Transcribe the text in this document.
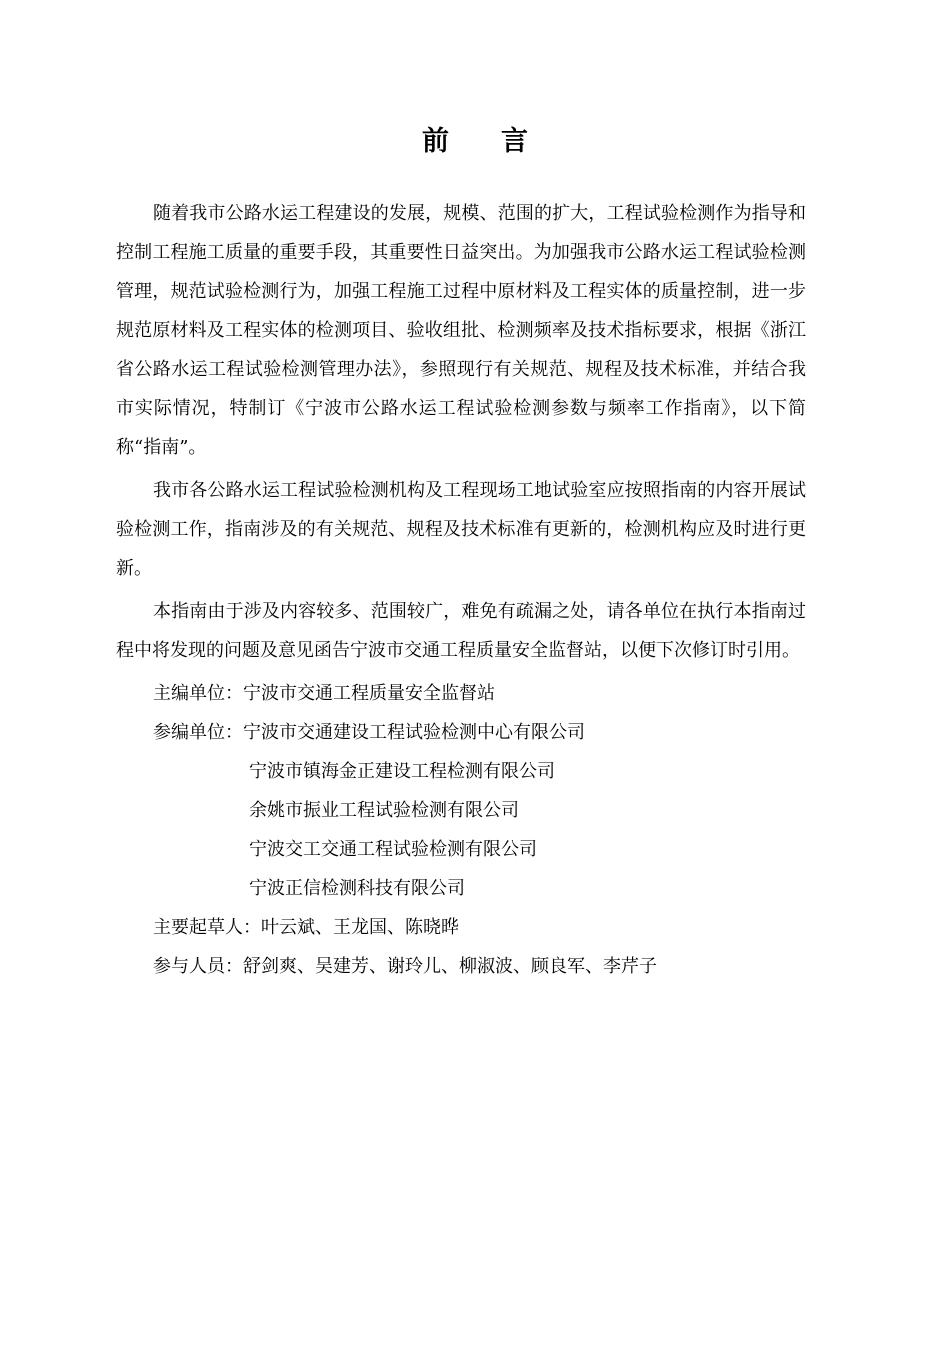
前 言

随着我市公路水运工程建设的发展，规模、范围的扩大，工程试验检测作为指导和控制工程施工质量的重要手段，其重要性日益突出。为加强我市公路水运工程试验检测管理，规范试验检测行为，加强工程施工过程中原材料及工程实体的质量控制，进一步规范原材料及工程实体的检测项目、验收组批、检测频率及技术指标要求，根据《浙江省公路水运工程试验检测管理办法》，参照现行有关规范、规程及技术标准，并结合我市实际情况，特制订《宁波市公路水运工程试验检测参数与频率工作指南》，以下简称“指南”。

我市各公路水运工程试验检测机构及工程现场工地试验室应按照指南的内容开展试验检测工作，指南涉及的有关规范、规程及技术标准有更新的，检测机构应及时进行更新。

本指南由于涉及内容较多、范围较广，难免有疏漏之处，请各单位在执行本指南过程中将发现的问题及意见函告宁波市交通工程质量安全监督站，以便下次修订时引用。

主编单位：宁波市交通工程质量安全监督站

参编单位：宁波市交通建设工程试验检测中心有限公司

宁波市镇海金正建设工程检测有限公司

余姚市振业工程试验检测有限公司

宁波交工交通工程试验检测有限公司

宁波正信检测科技有限公司

主要起草人：叶云斌、王龙国、陈晓晔

参与人员：舒剑爽、吴建芳、谢玲儿、柳淑波、顾良军、李芹子
